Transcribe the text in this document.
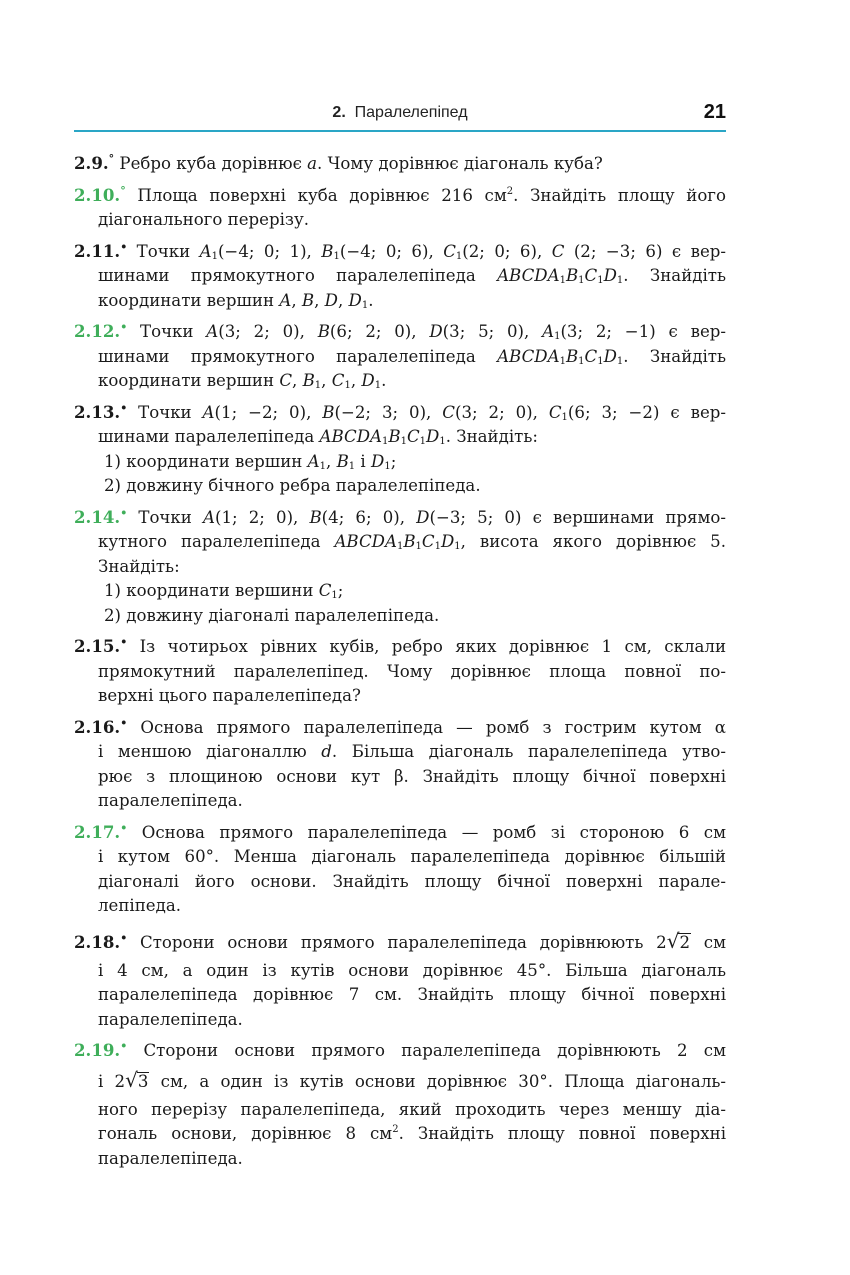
2. Паралелепіпед	21
2.9.° Ребро куба дорівнює a. Чому дорівнює діагональ куба?
2.10.° Площа поверхні куба дорівнює 216 $см^2$. Знайдіть площу його
діагонального перерізу.
2.11.• Точки $A_1(-4$; 0; 1), $B_1(-4$; 0; 6), $C_1(2$; 0; 6), C (2; −3; 6) є вер-
шинами прямокутного паралелепіпеда $ABCDA_1B_1C_1D_1$. Знайдіть
координати вершин A, B, D, $D_1$.
2.12.• Точки A(3; 2; 0), B(6; 2; 0), D(3; 5; 0), $A_1(3$; 2; −1) є вер-
шинами прямокутного паралелепіпеда $ABCDA_1B_1C_1D_1$. Знайдіть
координати вершин C, $B_1$, $C_1$, $D_1$.
2.13.• Точки A(1; −2; 0), B(−2; 3; 0), C(3; 2; 0), $C_1(6$; 3; −2) є вер-
шинами паралелепіпеда $ABCDA_1B_1C_1D_1$. Знайдіть:
1) координати вершин $A_1$, $B_1$ і $D_1$;
2) довжину бічного ребра паралелепіпеда.
2.14.• Точки A(1; 2; 0), B(4; 6; 0), D(−3; 5; 0) є вершинами прямо-
кутного паралелепіпеда $ABCDA_1B_1C_1D_1$, висота якого дорівнює 5.
Знайдіть:
1) координати вершини $C_1$;
2) довжину діагоналі паралелепіпеда.
2.15.• Із чотирьох рівних кубів, ребро яких дорівнює 1 см, склали
прямокутний паралелепіпед. Чому дорівнює площа повної по-
верхні цього паралелепіпеда?
2.16.• Основа прямого паралелепіпеда — ромб з гострим кутом α
і меншою діагоналлю d. Більша діагональ паралелепіпеда утво-
рює з площиною основи кут β. Знайдіть площу бічної поверхні
паралелепіпеда.
2.17.• Основа прямого паралелепіпеда — ромб зі стороною 6 см
і кутом 60°. Менша діагональ паралелепіпеда дорівнює більшій
діагоналі його основи. Знайдіть площу бічної поверхні парале-
лепіпеда.
2.18.• Сторони основи прямого паралелепіпеда дорівнюють 2√2 см
і 4 см, а один із кутів основи дорівнює 45°. Більша діагональ
паралелепіпеда дорівнює 7 см. Знайдіть площу бічної поверхні
паралелепіпеда.
2.19.• Сторони основи прямого паралелепіпеда дорівнюють 2 см
і 2√3 см, а один із кутів основи дорівнює 30°. Площа діагональ-
ного перерізу паралелепіпеда, який проходить через меншу діа-
гональ основи, дорівнює 8 $см^2$. Знайдіть площу повної поверхні
паралелепіпеда.
